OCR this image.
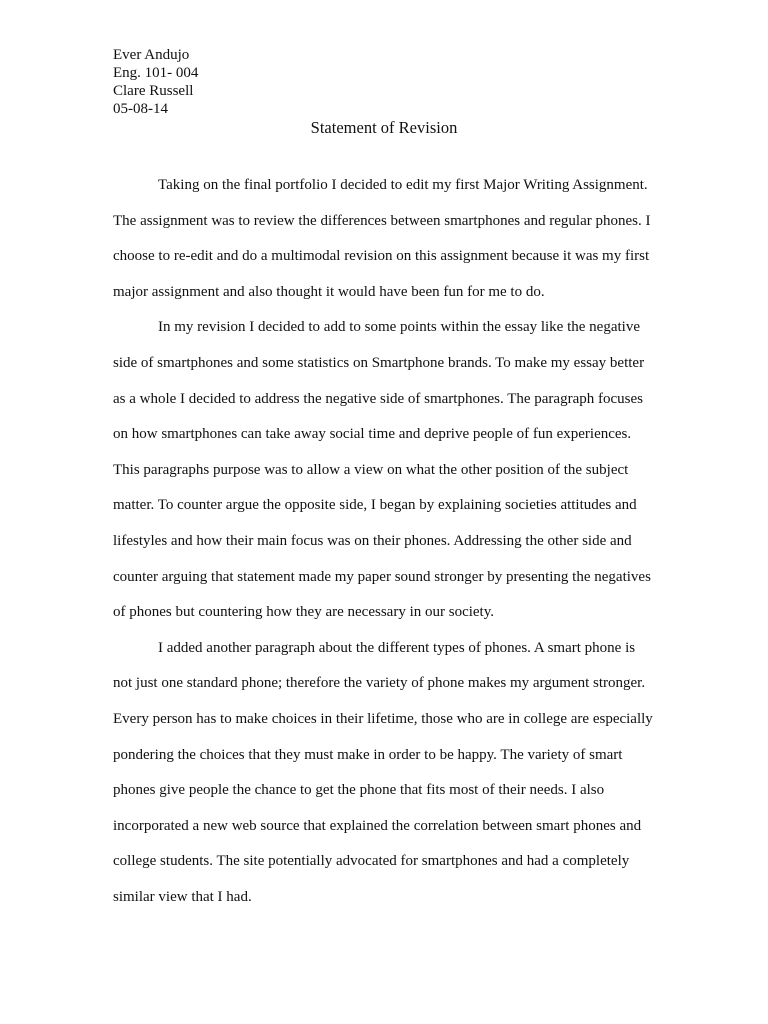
Ever Andujo
Eng. 101- 004
Clare Russell
05-08-14
Statement of Revision
Taking on the final portfolio I decided to edit my first Major Writing Assignment.
The assignment was to review the differences between smartphones and regular phones. I
choose to re-edit and do a multimodal revision on this assignment because it was my first
major assignment and also thought it would have been fun for me to do.
In my revision I decided to add to some points within the essay like the negative
side of smartphones and some statistics on Smartphone brands. To make my essay better
as a whole I decided to address the negative side of smartphones. The paragraph focuses
on how smartphones can take away social time and deprive people of fun experiences.
This paragraphs purpose was to allow a view on what the other position of the subject
matter. To counter argue the opposite side, I began by explaining societies attitudes and
lifestyles and how their main focus was on their phones. Addressing the other side and
counter arguing that statement made my paper sound stronger by presenting the negatives
of phones but countering how they are necessary in our society.
I added another paragraph about the different types of phones. A smart phone is
not just one standard phone; therefore the variety of phone makes my argument stronger.
Every person has to make choices in their lifetime, those who are in college are especially
pondering the choices that they must make in order to be happy. The variety of smart
phones give people the chance to get the phone that fits most of their needs. I also
incorporated a new web source that explained the correlation between smart phones and
college students. The site potentially advocated for smartphones and had a completely
similar view that I had.
